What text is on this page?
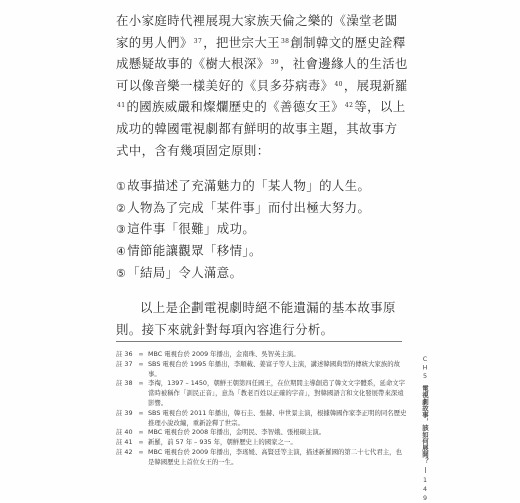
在小家庭時代裡展現大家族天倫之樂的《澡堂老闆家的男人們》$^{37}$，把世宗大王$^{38}$創制韓文的歷史詮釋成懸疑故事的《樹大根深》$^{39}$，社會邊緣人的生活也可以像音樂一樣美好的《貝多芬病毒》$^{40}$，展現新羅$^{41}$的國族威嚴和燦爛歷史的《善德女王》$^{42}$等，以上成功的韓國電視劇都有鮮明的故事主題，其故事方式中，含有幾項固定原則：

①故事描述了充滿魅力的「某人物」的人生。
②人物為了完成「某件事」而付出極大努力。
③這件事「很難」成功。
④情節能讓觀眾「移情」。
⑤「結局」令人滿意。

以上是企劃電視劇時絕不能遺漏的基本故事原則。接下來就針對每項內容進行分析。

註 36 ∞ MBC 電視台於 2009 年播出，金南珠、吳智英主演。
註 37 ∞ SBS 電視台於 1995 年播出，李順載、姜富子等人主演，講述韓國典型的傳統大家族的故事。
註 38 ∞ 李祹，1397 – 1450，朝鮮王朝第四任國王，在位期間主導創造了韓文文字體系，延命文字當時被稱作「訓民正音」，意為「教老百姓以正確的字音」，對韓國語言和文化發展帶來深遠影響。
註 39 ∞ SBS 電視台於 2011 年播出，韓石圭、張赫、申世景主演，根據韓國作家李正明的同名歷史推理小說改編，重新詮釋了世宗。
註 40 ∞ MBC 電視台於 2008 年播出，金明民、李智娥、張根碩主演。
註 41 ∞ 新羅，前 57 年 – 935 年，朝鮮歷史上的國家之一。
註 42 ∞ MBC 電視台於 2009 年播出，李瑤媛、高賢廷等主演，描述新羅國的第二十七代君主，也是韓國歷史上首位女王的一生。
CH5
電視劇故事，該如何展開？
149
